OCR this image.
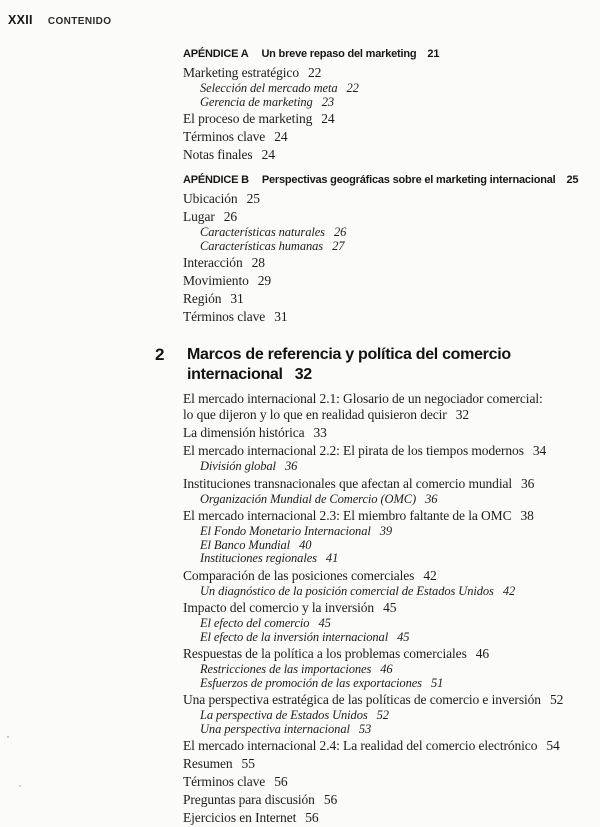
XXII CONTENIDO
APÉNDICE A Un breve repaso del marketing 21
Marketing estratégico 22
Selección del mercado meta 22
Gerencia de marketing 23
El proceso de marketing 24
Términos clave 24
Notas finales 24
APÉNDICE B Perspectivas geográficas sobre el marketing internacional 25
Ubicación 25
Lugar 26
Características naturales 26
Características humanas 27
Interacción 28
Movimiento 29
Región 31
Términos clave 31
2	Marcos de referencia y política del comercio
internacional 32
El mercado internacional 2.1: Glosario de un negociador comercial:
lo que dijeron y lo que en realidad quisieron decir 32
La dimensión histórica 33
El mercado internacional 2.2: El pirata de los tiempos modernos 34
División global 36
Instituciones transnacionales que afectan al comercio mundial 36
Organización Mundial de Comercio (OMC) 36
El mercado internacional 2.3: El miembro faltante de la OMC 38
El Fondo Monetario Internacional 39
El Banco Mundial 40
Instituciones regionales 41
Comparación de las posiciones comerciales 42
Un diagnóstico de la posición comercial de Estados Unidos 42
Impacto del comercio y la inversión 45
El efecto del comercio 45
El efecto de la inversión internacional 45
Respuestas de la política a los problemas comerciales 46
Restricciones de las importaciones 46
Esfuerzos de promoción de las exportaciones 51
Una perspectiva estratégica de las políticas de comercio e inversión 52
La perspectiva de Estados Unidos 52
Una perspectiva internacional 53
El mercado internacional 2.4: La realidad del comercio electrónico 54
Resumen 55
Términos clave 56
Preguntas para discusión 56
Ejercicios en Internet 56
